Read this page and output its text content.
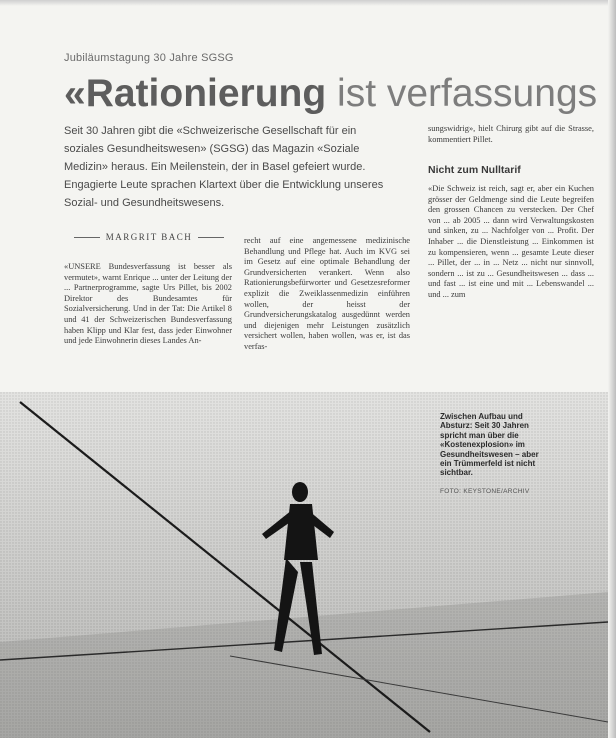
Jubiläumstagung 30 Jahre SGSG
«Rationierung ist verfassungs
Seit 30 Jahren gibt die «Schweizerische Gesellschaft für ein soziales Gesundheitswesen» (SGSG) das Magazin «Soziale Medizin» heraus. Ein Meilenstein, der in Basel gefeiert wurde. Engagierte Leute sprachen Klartext über die Entwicklung unseres Sozial- und Gesundheitswesens.
MARGRIT BACH
«UNSERE Bundesverfassung ist besser als vermutet», warnt Enrique ... unter der Leitung der ... Partnerprogramme, sagte Urs Pillet, bis 2002 Direktor des Bundesamtes für Sozialversicherung. Und in der Tat: Die Artikel 8 und 41 der Schweizerischen Bundesverfassung haben Klipp und Klar fest, dass jeder Einwohner und jede Einwohnerin dieses Landes An-
recht auf eine angemessene medizinische Behandlung und Pflege hat. Auch im KVG sei im Gesetz auf eine optimale Behandlung der Grundversicherten verankert. Wenn also Rationierungsbefürworter und Gesetzesreformer explizit die Zweiklassenmedizin einführen wollen, der heisst der Grundversicherungskatalog ausgedünnt werden und diejenigen mehr Leistungen zusätzlich versichert wollen, haben wollen, was er, ist das verfas-
sungswidrig», hielt Chirurg gibt auf die Strasse, kommentiert Pillet.
Nicht zum Nulltarif
«Die Schweiz ist reich, sagt er, aber ein Kuchen grösser der Geldmenge sind die Leute begreifen den grossen Chancen zu verstecken. Der Chef von ... ab 2005 ... dann wird Verwaltungskosten und sinken, zu ... Nachfolger von ... Profit. Der Inhaber ... die Dienstleistung ... Einkommen ist zu kompensieren, wenn ... gesamte Leute dieser ... Pillet, der ... in ... Netz ... nicht nur sinnvoll, sondern ... ist zu ... Gesundheitswesen ... dass ... und fast ... ist eine und mit ... Lebenswandel ... und ... zum
Zwischen Aufbau und Absturz: Seit 30 Jahren spricht man über die «Kostenexplosion» im Gesundheitswesen – aber ein Trümmerfeld ist nicht sichtbar.
FOTO: KEYSTONE/ARCHIV
